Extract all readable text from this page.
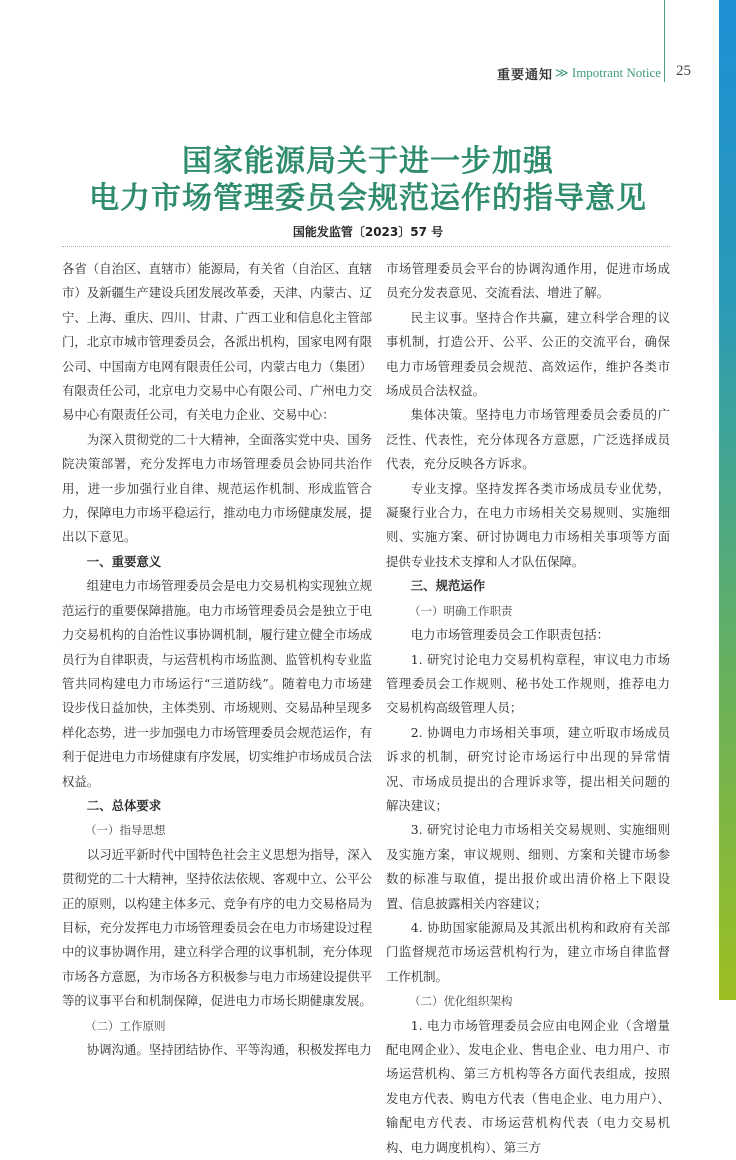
重要通知 ≫ Impotrant Notice 25
国家能源局关于进一步加强
电力市场管理委员会规范运作的指导意见
国能发监管〔2023〕57 号

各省（自治区、直辖市）能源局，有关省（自治区、直辖市）及新疆生产建设兵团发展改革委，天津、内蒙古、辽宁、上海、重庆、四川、甘肃、广西工业和信息化主管部门，北京市城市管理委员会，各派出机构，国家电网有限公司、中国南方电网有限责任公司，内蒙古电力（集团）有限责任公司，北京电力交易中心有限公司、广州电力交易中心有限责任公司，有关电力企业、交易中心：

为深入贯彻党的二十大精神，全面落实党中央、国务院决策部署，充分发挥电力市场管理委员会协同共治作用，进一步加强行业自律、规范运作机制、形成监管合力，保障电力市场平稳运行，推动电力市场健康发展，提出以下意见。

一、重要意义

组建电力市场管理委员会是电力交易机构实现独立规范运行的重要保障措施。电力市场管理委员会是独立于电力交易机构的自治性议事协调机制，履行建立健全市场成员行为自律职责，与运营机构市场监测、监管机构专业监管共同构建电力市场运行“三道防线”。随着电力市场建设步伐日益加快，主体类别、市场规则、交易品种呈现多样化态势，进一步加强电力市场管理委员会规范运作，有利于促进电力市场健康有序发展，切实维护市场成员合法权益。

二、总体要求

（一）指导思想

以习近平新时代中国特色社会主义思想为指导，深入贯彻党的二十大精神，坚持依法依规、客观中立、公平公正的原则，以构建主体多元、竞争有序的电力交易格局为目标，充分发挥电力市场管理委员会在电力市场建设过程中的议事协调作用，建立科学合理的议事机制，充分体现市场各方意愿，为市场各方积极参与电力市场建设提供平等的议事平台和机制保障，促进电力市场长期健康发展。

（二）工作原则

协调沟通。坚持团结协作、平等沟通，积极发挥电力

市场管理委员会平台的协调沟通作用，促进市场成员充分发表意见、交流看法、增进了解。

民主议事。坚持合作共赢，建立科学合理的议事机制，打造公开、公平、公正的交流平台，确保电力市场管理委员会规范、高效运作，维护各类市场成员合法权益。

集体决策。坚持电力市场管理委员会委员的广泛性、代表性，充分体现各方意愿，广泛选择成员代表，充分反映各方诉求。

专业支撑。坚持发挥各类市场成员专业优势，凝聚行业合力，在电力市场相关交易规则、实施细则、实施方案、研讨协调电力市场相关事项等方面提供专业技术支撑和人才队伍保障。

三、规范运作

（一）明确工作职责

电力市场管理委员会工作职责包括：

1. 研究讨论电力交易机构章程，审议电力市场管理委员会工作规则、秘书处工作规则，推荐电力交易机构高级管理人员；

2. 协调电力市场相关事项，建立听取市场成员诉求的机制，研究讨论市场运行中出现的异常情况、市场成员提出的合理诉求等，提出相关问题的解决建议；

3. 研究讨论电力市场相关交易规则、实施细则及实施方案，审议规则、细则、方案和关键市场参数的标准与取值，提出报价或出清价格上下限设置、信息披露相关内容建议；

4. 协助国家能源局及其派出机构和政府有关部门监督规范市场运营机构行为，建立市场自律监督工作机制。

（二）优化组织架构

1. 电力市场管理委员会应由电网企业（含增量配电网企业）、发电企业、售电企业、电力用户、市场运营机构、第三方机构等各方面代表组成，按照发电方代表、购电方代表（售电企业、电力用户）、输配电方代表、市场运营机构代表（电力交易机构、电力调度机构）、第三方
